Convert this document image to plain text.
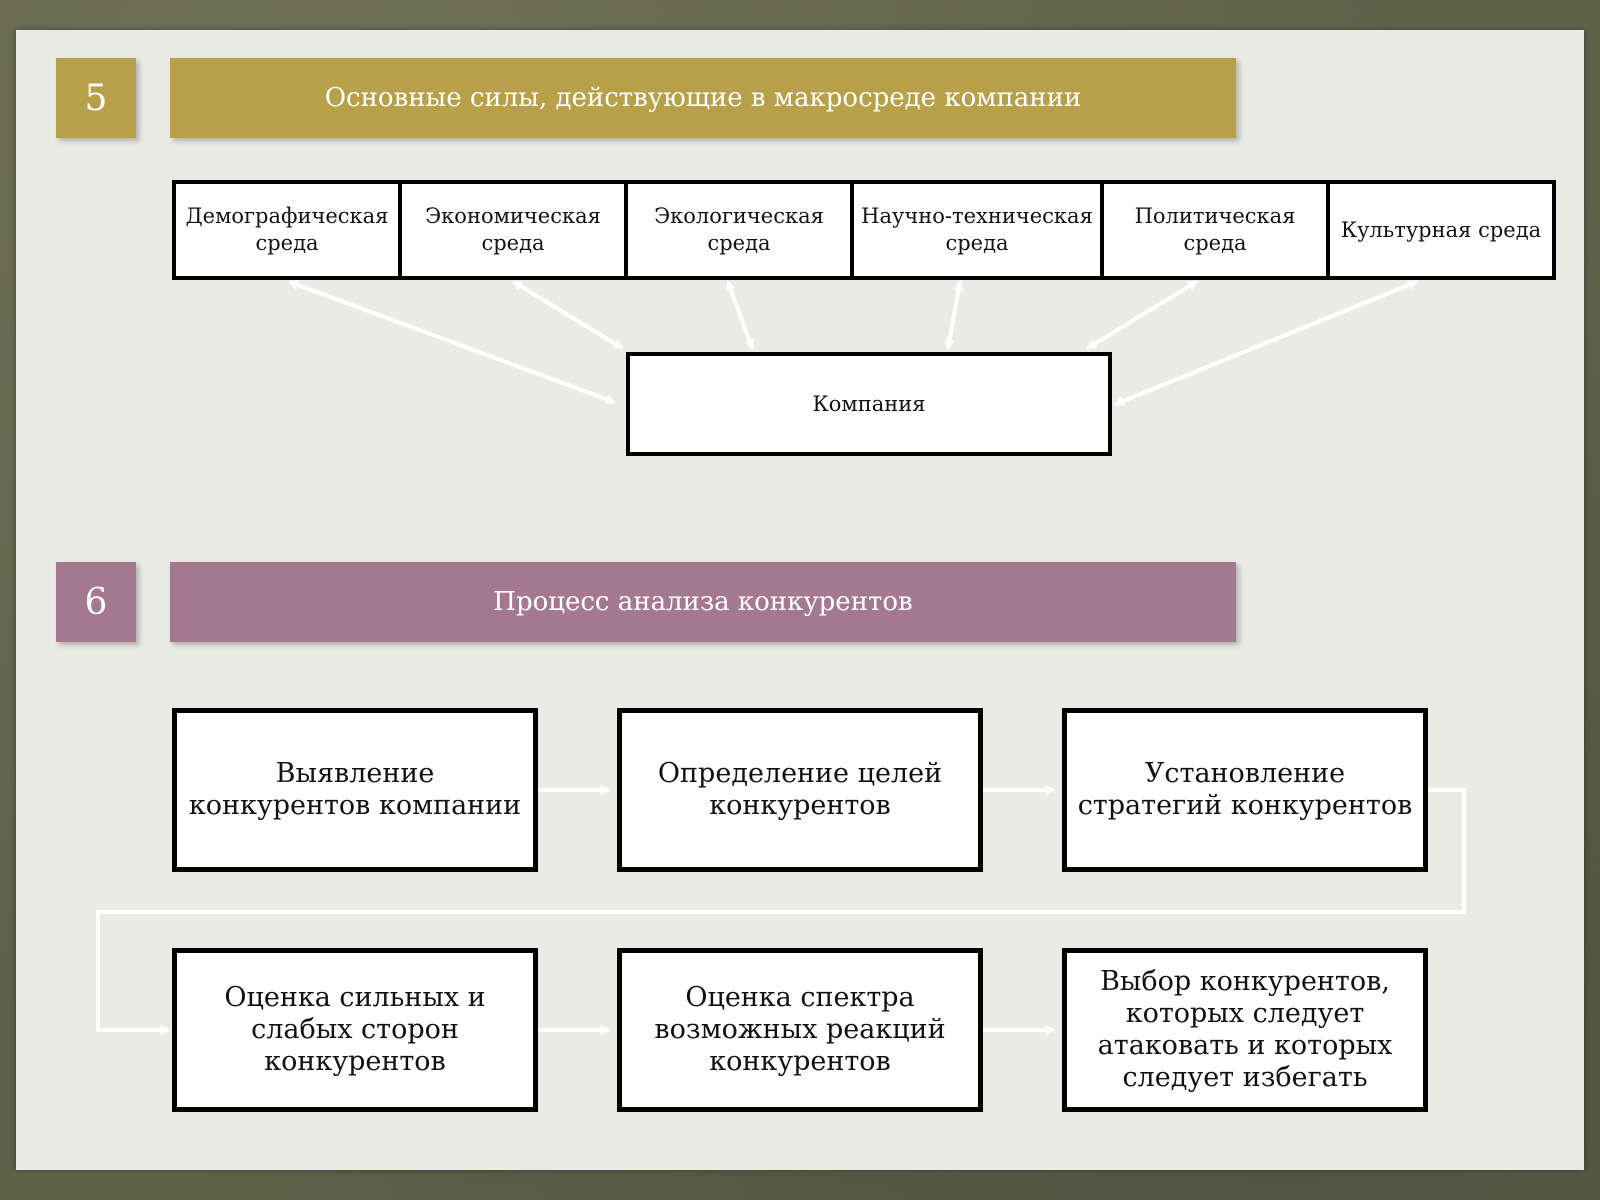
5	Основные силы, действующие в макросреде компании
Демографическая среда
Экономическая среда
Экологическая среда
Научно-техническая среда
Политическая среда
Культурная среда
Компания
6	Процесс анализа конкурентов
Выявление конкурентов компании
Определение целей конкурентов
Установление стратегий конкурентов
Оценка сильных и слабых сторон конкурентов
Оценка спектра возможных реакций конкурентов
Выбор конкурентов, которых следует атаковать и которых следует избегать
